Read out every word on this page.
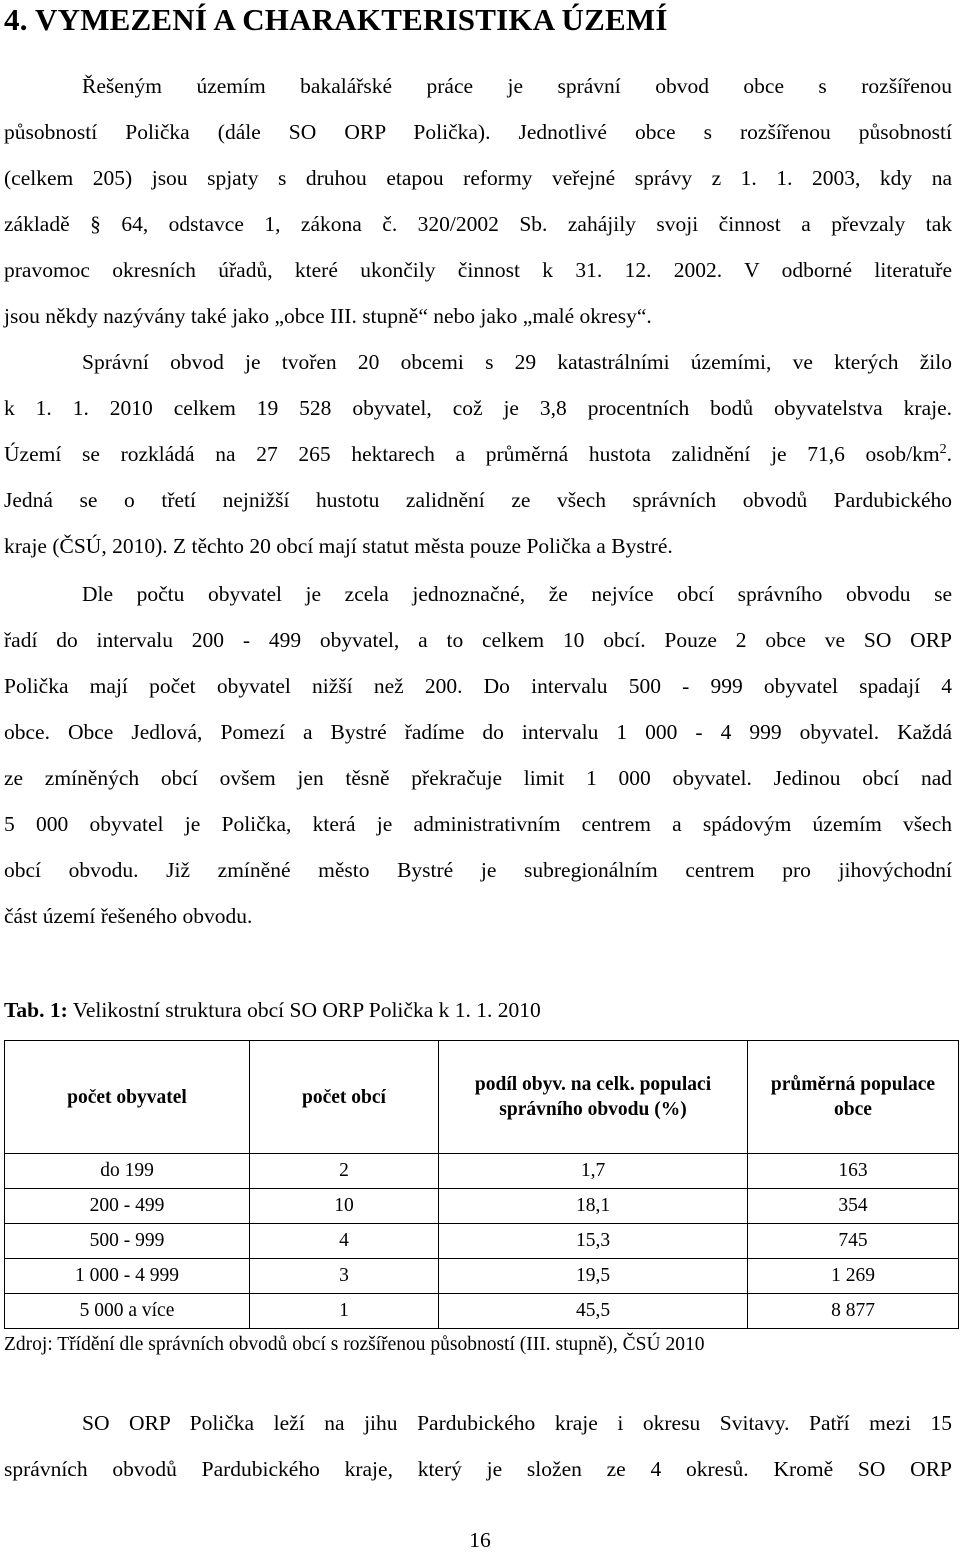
4. VYMEZENÍ A CHARAKTERISTIKA ÚZEMÍ
Řešeným územím bakalářské práce je správní obvod obce s rozšířenou
působností Polička (dále SO ORP Polička). Jednotlivé obce s rozšířenou působností
(celkem 205) jsou spjaty s druhou etapou reformy veřejné správy z 1. 1. 2003, kdy na
základě § 64, odstavce 1, zákona č. 320/2002 Sb. zahájily svoji činnost a převzaly tak
pravomoc okresních úřadů, které ukončily činnost k 31. 12. 2002. V odborné literatuře
jsou někdy nazývány také jako „obce III. stupně“ nebo jako „malé okresy“.
Správní obvod je tvořen 20 obcemi s 29 katastrálními územími, ve kterých žilo
k 1. 1. 2010 celkem 19 528 obyvatel, což je 3,8 procentních bodů obyvatelstva kraje.
Území se rozkládá na 27 265 hektarech a průměrná hustota zalidnění je 71,6 osob/$km^2$.
Jedná se o třetí nejnižší hustotu zalidnění ze všech správních obvodů Pardubického
kraje (ČSÚ, 2010). Z těchto 20 obcí mají statut města pouze Polička a Bystré.
Dle počtu obyvatel je zcela jednoznačné, že nejvíce obcí správního obvodu se
řadí do intervalu 200 - 499 obyvatel, a to celkem 10 obcí. Pouze 2 obce ve SO ORP
Polička mají počet obyvatel nižší než 200. Do intervalu 500 - 999 obyvatel spadají 4
obce. Obce Jedlová, Pomezí a Bystré řadíme do intervalu 1 000 - 4 999 obyvatel. Každá
ze zmíněných obcí ovšem jen těsně překračuje limit 1 000 obyvatel. Jedinou obcí nad
5 000 obyvatel je Polička, která je administrativním centrem a spádovým územím všech
obcí obvodu. Již zmíněné město Bystré je subregionálním centrem pro jihovýchodní
část území řešeného obvodu.
Tab. 1: Velikostní struktura obcí SO ORP Polička k 1. 1. 2010
počet obyvatel	počet obcí	podíl obyv. na celk. populaci správního obvodu (%)	průměrná populace obce
do 199	2	1,7	163
200 - 499	10	18,1	354
500 - 999	4	15,3	745
1 000 - 4 999	3	19,5	1 269
5 000 a více	1	45,5	8 877
Zdroj: Třídění dle správních obvodů obcí s rozšířenou působností (III. stupně), ČSÚ 2010
SO ORP Polička leží na jihu Pardubického kraje i okresu Svitavy. Patří mezi 15
správních obvodů Pardubického kraje, který je složen ze 4 okresů. Kromě SO ORP
16
